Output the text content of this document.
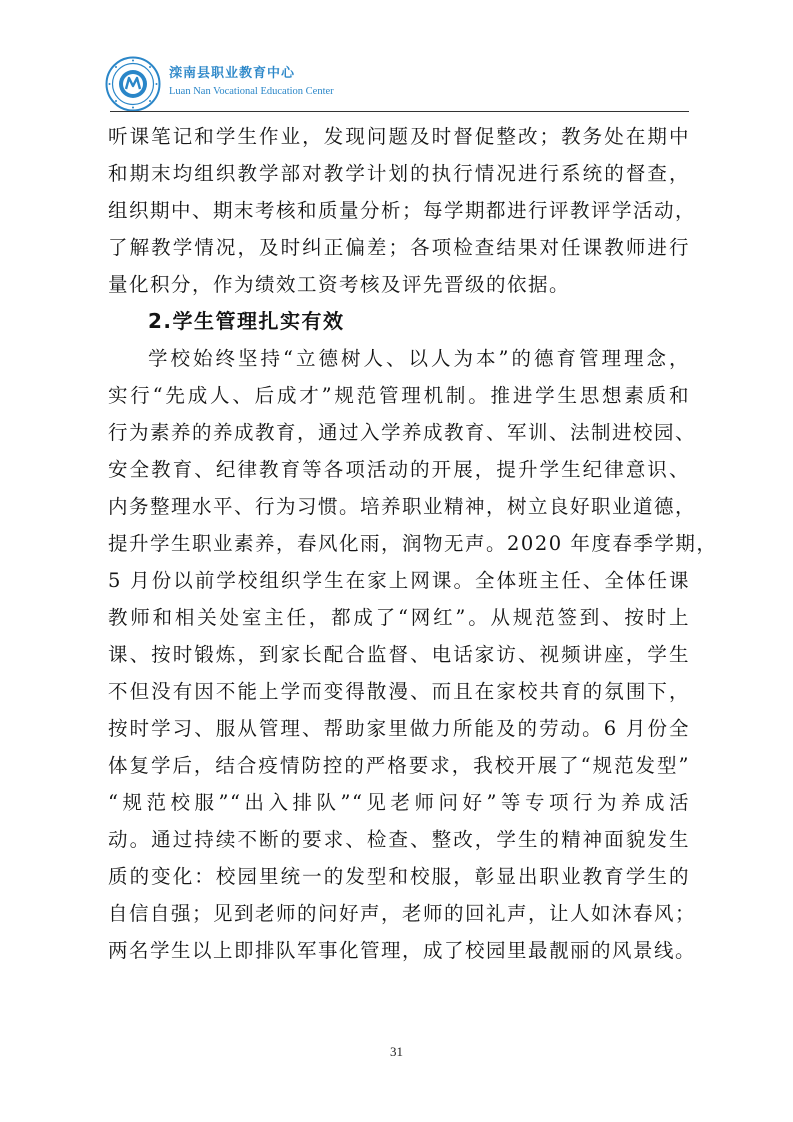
滦南县职业教育中心
Luan Nan Vocational Education Center

听课笔记和学生作业，发现问题及时督促整改；教务处在期中
和期末均组织教学部对教学计划的执行情况进行系统的督查，
组织期中、期末考核和质量分析；每学期都进行评教评学活动，
了解教学情况，及时纠正偏差；各项检查结果对任课教师进行
量化积分，作为绩效工资考核及评先晋级的依据。

2.学生管理扎实有效

学校始终坚持“立德树人、以人为本”的德育管理理念，
实行“先成人、后成才”规范管理机制。推进学生思想素质和
行为素养的养成教育，通过入学养成教育、军训、法制进校园、
安全教育、纪律教育等各项活动的开展，提升学生纪律意识、
内务整理水平、行为习惯。培养职业精神，树立良好职业道德，
提升学生职业素养，春风化雨，润物无声。2020 年度春季学期，
5 月份以前学校组织学生在家上网课。全体班主任、全体任课
教师和相关处室主任，都成了“网红”。从规范签到、按时上
课、按时锻炼，到家长配合监督、电话家访、视频讲座，学生
不但没有因不能上学而变得散漫、而且在家校共育的氛围下，
按时学习、服从管理、帮助家里做力所能及的劳动。6 月份全
体复学后，结合疫情防控的严格要求，我校开展了“规范发型”
“规范校服”“出入排队”“见老师问好”等专项行为养成活
动。通过持续不断的要求、检查、整改，学生的精神面貌发生
质的变化：校园里统一的发型和校服，彰显出职业教育学生的
自信自强；见到老师的问好声，老师的回礼声，让人如沐春风；
两名学生以上即排队军事化管理，成了校园里最靓丽的风景线。

31
